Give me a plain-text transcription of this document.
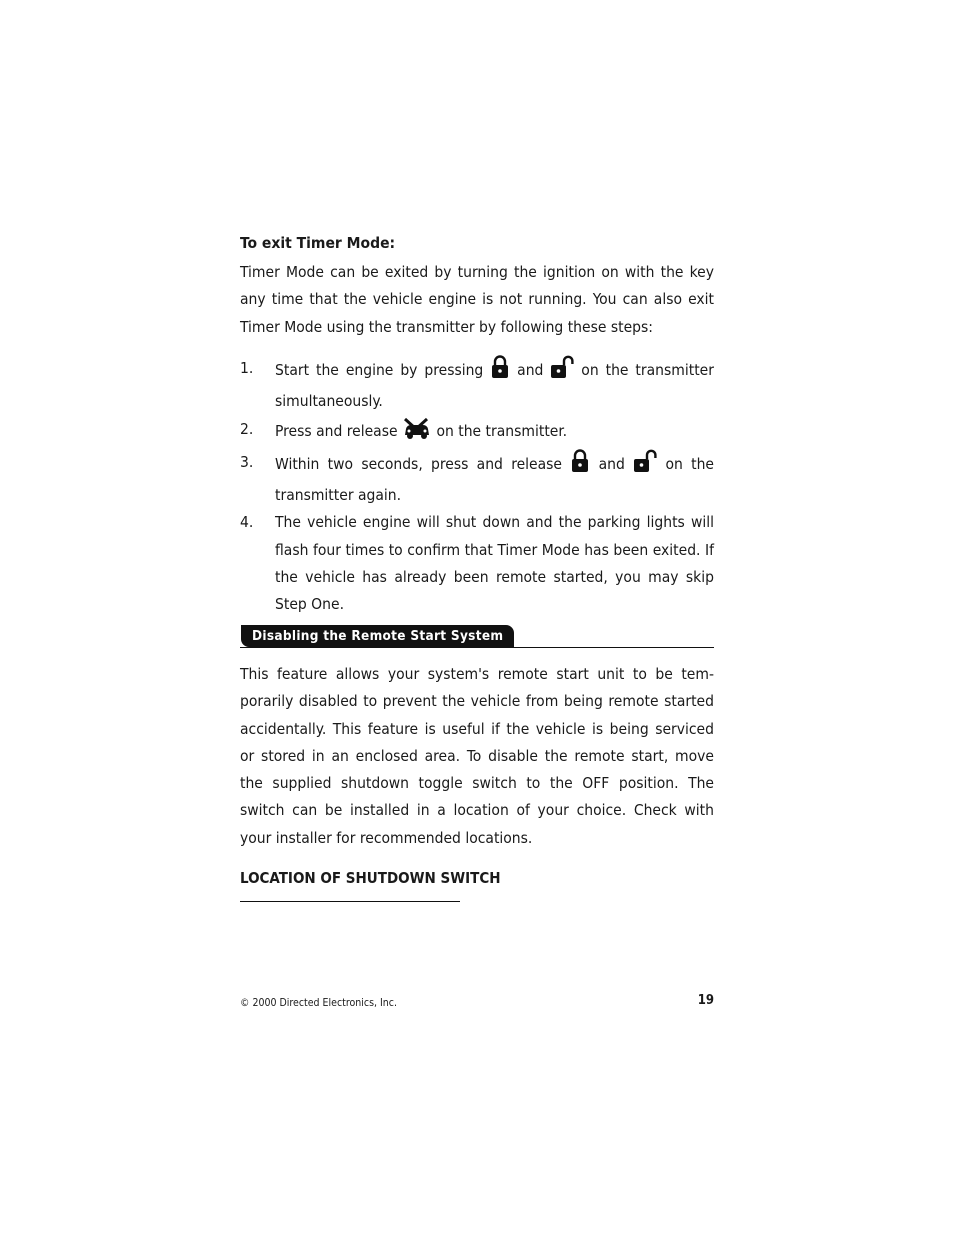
To exit Timer Mode:
Timer Mode can be exited by turning the ignition on with the key
any time that the vehicle engine is not running. You can also exit
Timer Mode using the transmitter by following these steps:
1. Start the engine by pressing and on the transmitter simultaneously.
2. Press and release	on the transmitter.
3. Within two seconds, press and release and	on the transmitter again.
4. The vehicle engine will shut down and the parking lights will flash four times to confirm that Timer Mode has been exited. If the vehicle has already been remote started, you may skip Step One.
Disabling the Remote Start System
This feature allows your system's remote start unit to be tem-
porarily disabled to prevent the vehicle from being remote started
accidentally. This feature is useful if the vehicle is being serviced
or stored in an enclosed area. To disable the remote start, move
the supplied shutdown toggle switch to the OFF position. The
switch can be installed in a location of your choice. Check with
your installer for recommended locations.
LOCATION OF SHUTDOWN SWITCH
© 2000 Directed Electronics, Inc.	19
